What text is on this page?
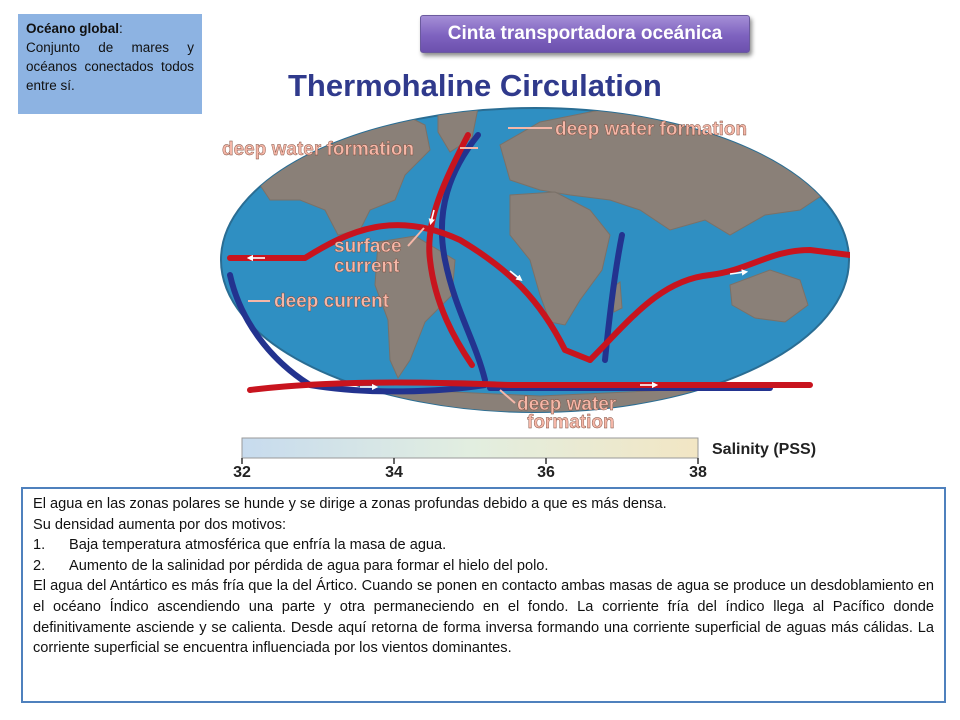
Océano global:
Conjunto de mares y océanos conectados todos entre sí.
Cinta transportadora oceánica
Thermohaline Circulation
deep water formation
deep water formation
surface
current
deep current
deep water
formation
32	34	36	38
Salinity (PSS)

El agua en las zonas polares se hunde y se dirige a zonas profundas debido a que es más densa.

Su densidad aumenta por dos motivos:

1.	Baja temperatura atmosférica que enfría la masa de agua.
2.	Aumento de la salinidad por pérdida de agua para formar el hielo del polo.

El agua del Antártico es más fría que la del Ártico. Cuando se ponen en contacto ambas masas de agua se produce un desdoblamiento en el océano Índico ascendiendo una parte y otra permaneciendo en el fondo. La corriente fría del índico llega al Pacífico donde definitivamente asciende y se calienta. Desde aquí retorna de forma inversa formando una corriente superficial de aguas más cálidas. La corriente superficial se encuentra influenciada por los vientos dominantes.
